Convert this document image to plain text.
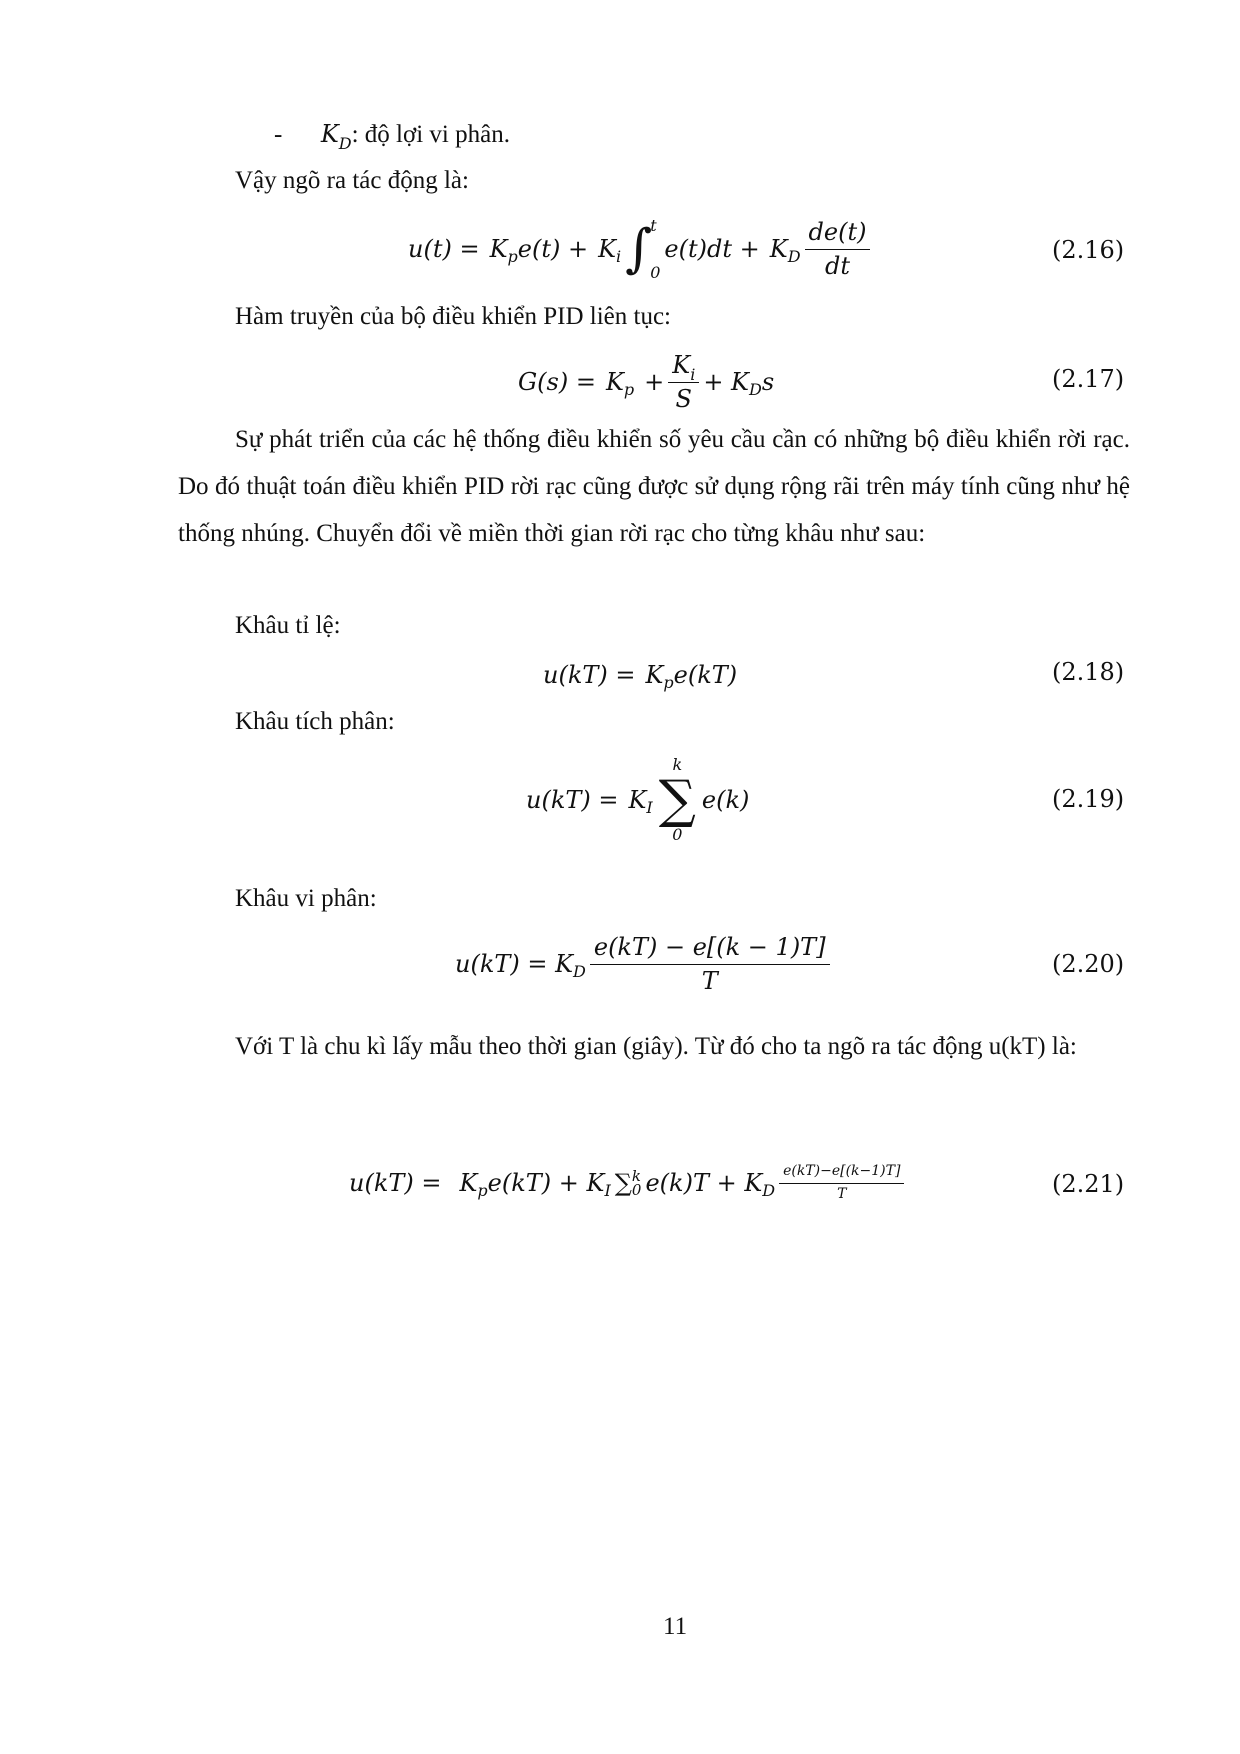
- $K_D$: độ lợi vi phân.
Vậy ngõ ra tác động là:
u(t) = K p e(t) + K i ∫
t
0
e(t)dt + K D $\frac{de(t)}{dt}$	(2.16)
Hàm truyền của bộ điều khiển PID liên tục:
G(s) = K $p + \frac{K_i}{S} + K$ D s	(2.17)
Sự phát triển của các hệ thống điều khiển số yêu cầu cần có những bộ điều khiển rời rạc. Do đó thuật toán điều khiển PID rời rạc cũng được sử dụng rộng rãi trên máy tính cũng như hệ thống nhúng. Chuyển đổi về miền thời gian rời rạc cho từng khâu như sau:
Khâu tỉ lệ:
u(kT) = K p e(kT)	(2.18)
Khâu tích phân:
u(kT) = K I
k
∑
0
e(k)	(2.19)
Khâu vi phân:
u(kT) = K D $\frac{e(kT) - e[(k - 1)T]}{T}$	(2.20)
Với T là chu kì lấy mẫu theo thời gian (giây). Từ đó cho ta ngõ ra tác động u(kT) là:
u(kT) = K p e(kT) + K I ∑ k
0 e(k)T + K D $\frac{e(kT)-e[(k-1)T]}{T}$	(2.21)
11
